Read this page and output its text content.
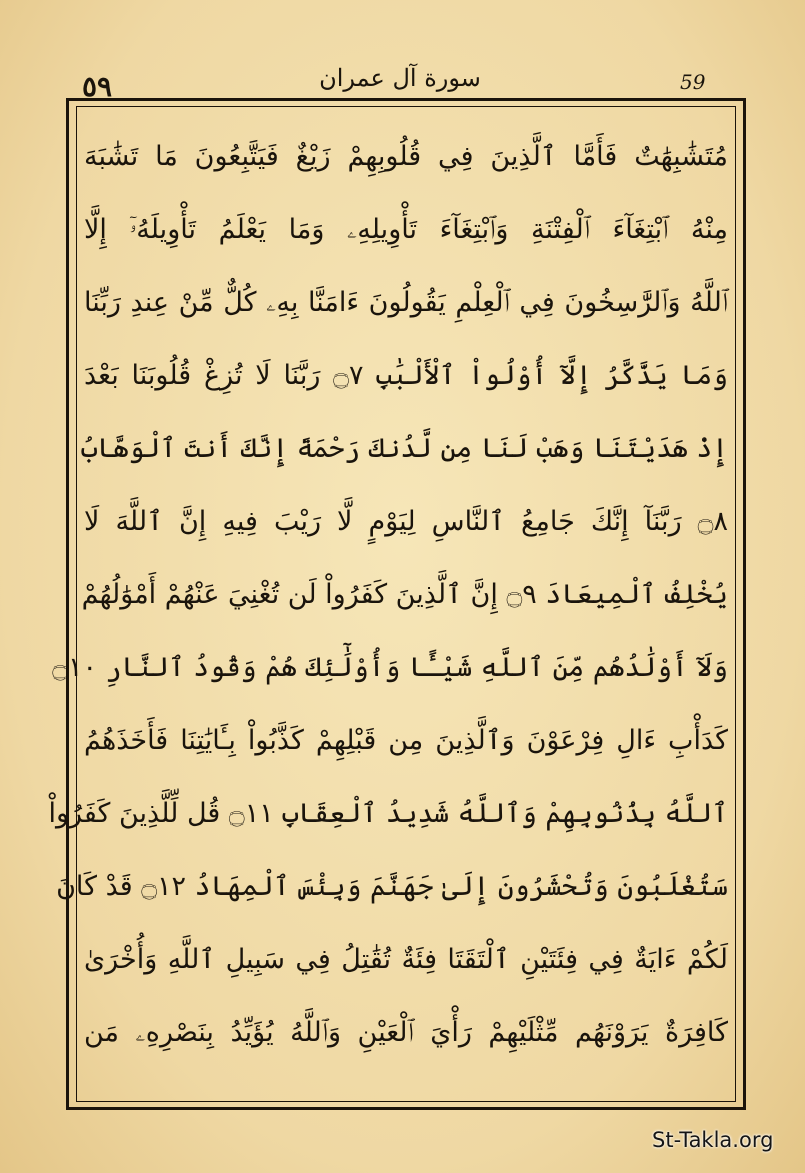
٥٩	سورة آل عمران	59
مُتَشَٰبِهَٰتٌ فَأَمَّا ٱلَّذِينَ فِي قُلُوبِهِمْ زَيْغٌ فَيَتَّبِعُونَ مَا تَشَٰبَهَ
مِنْهُ ٱبْتِغَآءَ ٱلْفِتْنَةِ وَٱبْتِغَآءَ تَأْوِيلِهِۦ وَمَا يَعْلَمُ تَأْوِيلَهُۥٓ إِلَّا
ٱللَّهُ وَٱلرَّٰسِخُونَ فِي ٱلْعِلْمِ يَقُولُونَ ءَامَنَّا بِهِۦ كُلٌّ مِّنْ عِندِ رَبِّنَا
وَمَا يَذَّكَّرُ إِلَّآ أُوْلُواْ ٱلْأَلْبَٰبِ ۝٧ رَبَّنَا لَا تُزِغْ قُلُوبَنَا بَعْدَ
إِذْ هَدَيْتَنَا وَهَبْ لَنَا مِن لَّدُنكَ رَحْمَةً إِنَّكَ أَنتَ ٱلْوَهَّابُ
۝٨ رَبَّنَآ إِنَّكَ جَامِعُ ٱلنَّاسِ لِيَوْمٍ لَّا رَيْبَ فِيهِ إِنَّ ٱللَّهَ لَا
يُخْلِفُ ٱلْمِيعَادَ ۝٩ إِنَّ ٱلَّذِينَ كَفَرُواْ لَن تُغْنِيَ عَنْهُمْ أَمْوَٰلُهُمْ
وَلَآ أَوْلَٰدُهُم مِّنَ ٱللَّهِ شَيْـًٔا وَأُوْلَٰٓئِكَ هُمْ وَقُودُ ٱلنَّارِ ۝١٠
كَدَأْبِ ءَالِ فِرْعَوْنَ وَٱلَّذِينَ مِن قَبْلِهِمْ كَذَّبُواْ بِـَٔايَٰتِنَا فَأَخَذَهُمُ
ٱللَّهُ بِذُنُوبِهِمْ وَٱللَّهُ شَدِيدُ ٱلْعِقَابِ ۝١١ قُل لِّلَّذِينَ كَفَرُواْ
سَتُغْلَبُونَ وَتُحْشَرُونَ إِلَىٰ جَهَنَّمَ وَبِئْسَ ٱلْمِهَادُ ۝١٢ قَدْ كَانَ
لَكُمْ ءَايَةٌ فِي فِئَتَيْنِ ٱلْتَقَتَا فِئَةٌ تُقَٰتِلُ فِي سَبِيلِ ٱللَّهِ وَأُخْرَىٰ
كَافِرَةٌ يَرَوْنَهُم مِّثْلَيْهِمْ رَأْيَ ٱلْعَيْنِ وَٱللَّهُ يُؤَيِّدُ بِنَصْرِهِۦ مَن
St-Takla.org
